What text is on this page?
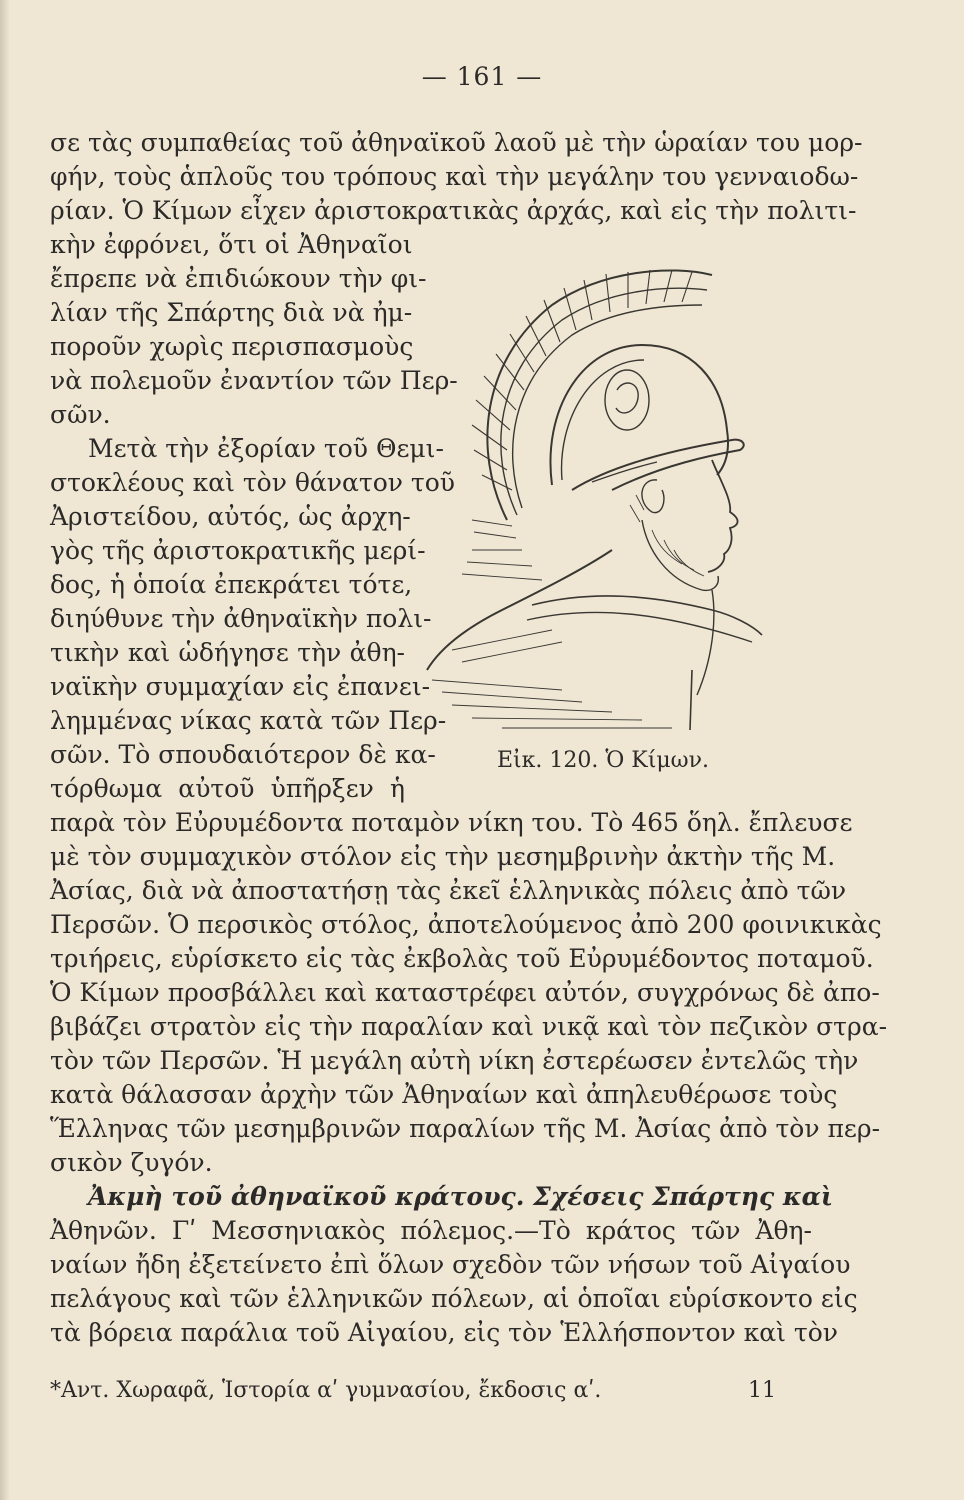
— 161 —
σε τὰς συμπαθείας τοῦ ἀθηναϊκοῦ λαοῦ μὲ τὴν ὡραίαν του μορ-
φήν, τοὺς ἁπλοῦς του τρόπους καὶ τὴν μεγάλην του γενναιοδω-
ρίαν. Ὁ Κίμων εἶχεν ἀριστοκρατικὰς ἀρχάς, καὶ εἰς τὴν πολιτι-
κὴν ἐφρόνει, ὅτι οἱ Ἀθηναῖοι
ἔπρεπε νὰ ἐπιδιώκουν τὴν φι-
λίαν τῆς Σπάρτης διὰ νὰ ἠμ-
ποροῦν χωρὶς περισπασμοὺς
νὰ πολεμοῦν ἐναντίον τῶν Περ-
σῶν.
Μετὰ τὴν ἐξορίαν τοῦ Θεμι-
στοκλέους καὶ τὸν θάνατον τοῦ
Ἀριστείδου, αὐτός, ὡς ἀρχη-
γὸς τῆς ἀριστοκρατικῆς μερί-
δος, ἡ ὁποία ἐπεκράτει τότε,
διηύθυνε τὴν ἀθηναϊκὴν πολι-
τικὴν καὶ ὡδήγησε τὴν ἀθη-
ναϊκὴν συμμαχίαν εἰς ἐπανει-
λημμένας νίκας κατὰ τῶν Περ-
σῶν. Τὸ σπουδαιότερον δὲ κα-
τόρθωμα αὐτοῦ ὑπῆρξεν ἡ
παρὰ τὸν Εὐρυμέδοντα ποταμὸν νίκη του. Τὸ 465 ὅηλ. ἔπλευσε
μὲ τὸν συμμαχικὸν στόλον εἰς τὴν μεσημβρινὴν ἀκτὴν τῆς Μ.
Ἀσίας, διὰ νὰ ἀποστατήσῃ τὰς ἐκεῖ ἑλληνικὰς πόλεις ἀπὸ τῶν
Περσῶν. Ὁ περσικὸς στόλος, ἀποτελούμενος ἀπὸ 200 φοινικικὰς
τριήρεις, εὑρίσκετο εἰς τὰς ἐκβολὰς τοῦ Εὐρυμέδοντος ποταμοῦ.
Ὁ Κίμων προσβάλλει καὶ καταστρέφει αὐτόν, συγχρόνως δὲ ἀπο-
βιβάζει στρατὸν εἰς τὴν παραλίαν καὶ νικᾷ καὶ τὸν πεζικὸν στρα-
τὸν τῶν Περσῶν. Ἡ μεγάλη αὐτὴ νίκη ἐστερέωσεν ἐντελῶς τὴν
κατὰ θάλασσαν ἀρχὴν τῶν Ἀθηναίων καὶ ἀπηλευθέρωσε τοὺς
Ἕλληνας τῶν μεσημβρινῶν παραλίων τῆς Μ. Ἀσίας ἀπὸ τὸν περ-
σικὸν ζυγόν.
Ἀκμὴ τοῦ ἀθηναϊκοῦ κράτους. Σχέσεις Σπάρτης καὶ
Ἀθηνῶν. Γʹ Μεσσηνιακὸς πόλεμος.—Τὸ κράτος τῶν Ἀθη-
ναίων ἤδη ἐξετείνετο ἐπὶ ὅλων σχεδὸν τῶν νήσων τοῦ Αἰγαίου
πελάγους καὶ τῶν ἑλληνικῶν πόλεων, αἱ ὁποῖαι εὑρίσκοντο εἰς
τὰ βόρεια παράλια τοῦ Αἰγαίου, εἰς τὸν Ἑλλήσποντον καὶ τὸν
Εἰκ. 120. Ὁ Κίμων.
*Αντ. Χωραφᾶ, Ἱστορία αʹ γυμνασίου, ἔκδοσις αʹ.	11
